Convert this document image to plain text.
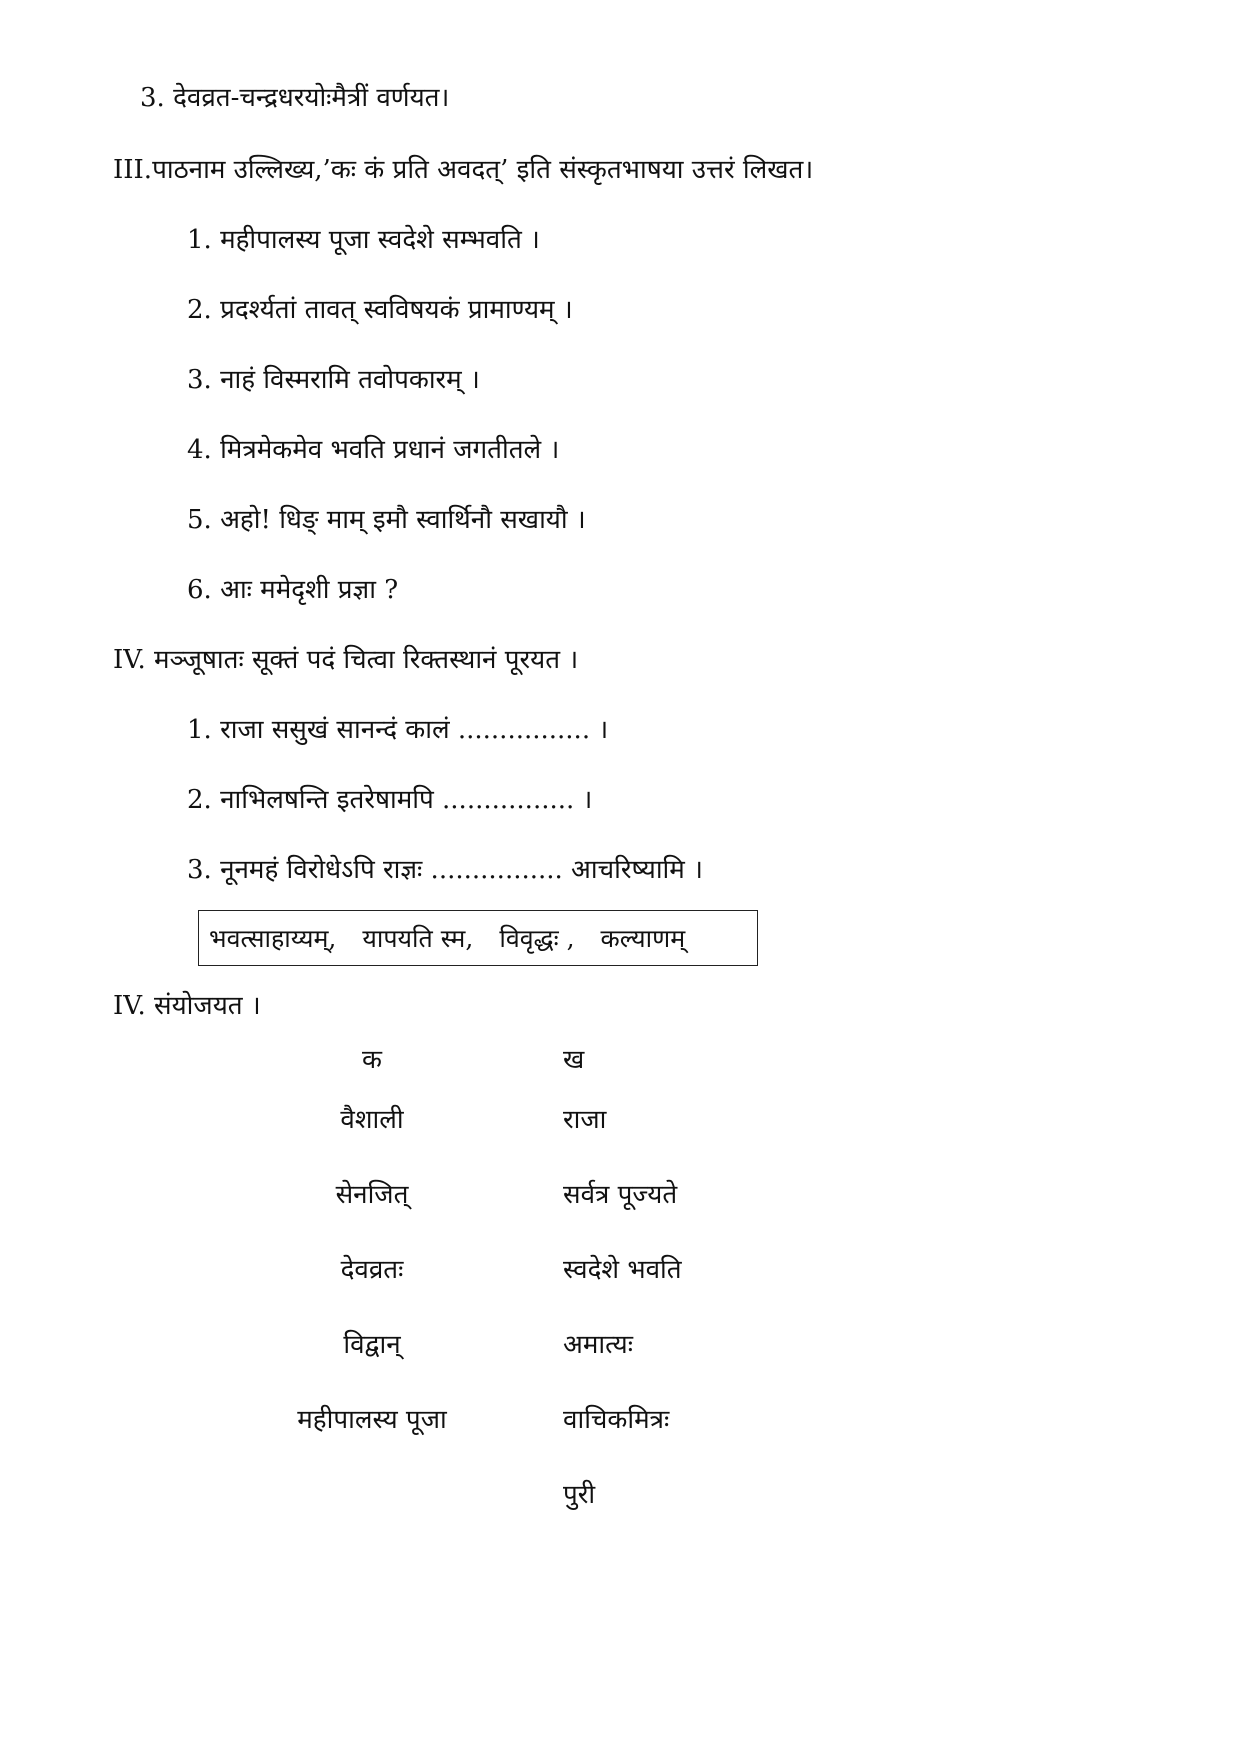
3. देवव्रत-चन्द्रधरयोःमैत्रीं वर्णयत।
III.पाठनाम उल्लिख्य,’कः कं प्रति अवदत्’ इति संस्कृतभाषया उत्तरं लिखत।
1. महीपालस्य पूजा स्वदेशे सम्भवति ।
2. प्रदर्श्यतां तावत् स्वविषयकं प्रामाण्यम् ।
3. नाहं विस्मरामि तवोपकारम् ।
4. मित्रमेकमेव भवति प्रधानं जगतीतले ।
5. अहो! धिङ् माम् इमौ स्वार्थिनौ सखायौ ।
6. आः ममेदृशी प्रज्ञा ?
IV. मञ्जूषातः सूक्तं पदं चित्वा रिक्तस्थानं पूरयत ।
1. राजा ससुखं सानन्दं कालं ................ ।
2. नाभिलषन्ति इतरेषामपि ................ ।
3. नूनमहं विरोधेऽपि राज्ञः ................ आचरिष्यामि ।
भवत्साहाय्यम्, यापयति स्म, विवृद्धः , कल्याणम्
IV. संयोजयत ।
क	ख
वैशाली
सेनजित्
देवव्रतः
विद्वान्
महीपालस्य पूजा
राजा
सर्वत्र पूज्यते
स्वदेशे भवति
अमात्यः
वाचिकमित्रः
पुरी
